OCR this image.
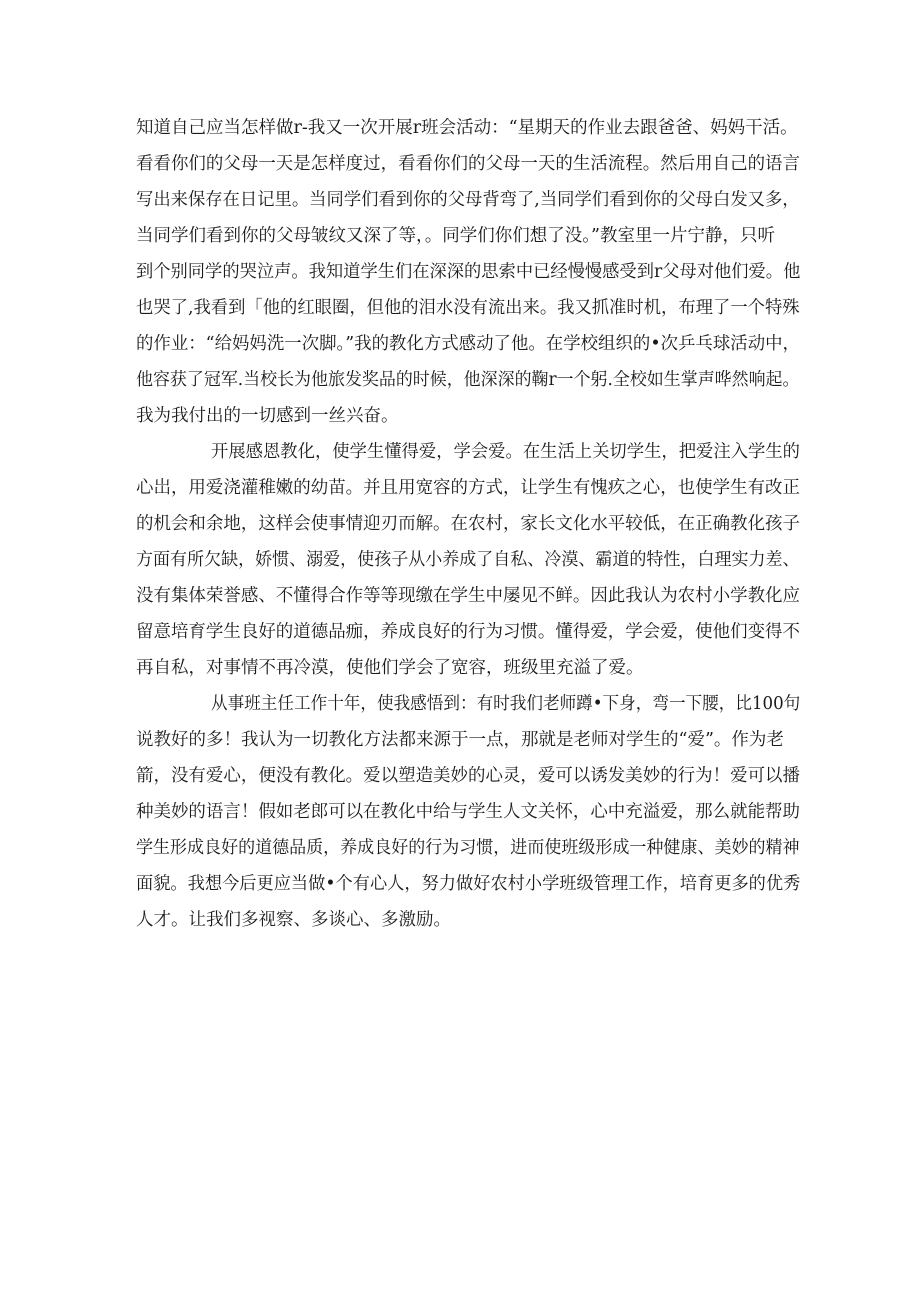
知道自己应当怎样做r-我又一次开展r班会活动：“星期天的作业去跟爸爸、妈妈干活。
看看你们的父母一天是怎样度过，看看你们的父母一天的生活流程。然后用自己的语言
写出来保存在日记里。当同学们看到你的父母背弯了,当同学们看到你的父母白发又多，
当同学们看到你的父母皱纹又深了等，。同学们你们想了没。”教室里一片宁静，只听
到个别同学的哭泣声。我知道学生们在深深的思索中已经慢慢感受到r父母对他们爱。他
也哭了,我看到「他的红眼圈，但他的泪水没有流出来。我又抓准时机，布理了一个特殊
的作业：“给妈妈洗一次脚。”我的教化方式感动了他。在学校组织的•次乒乓球活动中，
他容获了冠军.当校长为他旅发奖品的时候，他深深的鞠r一个躬.全校如生掌声哗然响起。
我为我付出的一切感到一丝兴奋。
开展感恩教化，使学生懂得爱，学会爱。在生活上关切学生，把爱注入学生的
心岀，用爱浇灌稚嫩的幼苗。并且用宽容的方式，让学生有愧疚之心，也使学生有改正
的机会和余地，这样会使事情迎刃而解。在农村，家长文化水平较低，在正确教化孩子
方面有所欠缺，娇惯、溺爱，使孩子从小养成了自私、冷漠、霸道的特性，白理实力差、
没有集体荣誉感、不懂得合作等等现缴在学生中屡见不鲜。因此我认为农村小学教化应
留意培育学生良好的道德品痂，养成良好的行为习惯。懂得爱，学会爱，使他们变得不
再自私，对事情不再冷漠，使他们学会了宽容，班级里充溢了爱。
从事班主任工作十年，使我感悟到：有时我们老师蹲•下身，弯一下腰，比100句
说教好的多！我认为一切教化方法都来源于一点，那就是老师对学生的“爱”。作为老
箭，没有爱心，便没有教化。爱以塑造美妙的心灵，爱可以诱发美妙的行为！爱可以播
种美妙的语言！假如老郎可以在教化中给与学生人文关怀，心中充溢爱，那么就能帮助
学生形成良好的道德品质，养成良好的行为习惯，进而使班级形成一种健康、美妙的精神
面貌。我想今后更应当做•个有心人，努力做好农村小学班级管理工作，培育更多的优秀
人才。让我们多视察、多谈心、多激励。
